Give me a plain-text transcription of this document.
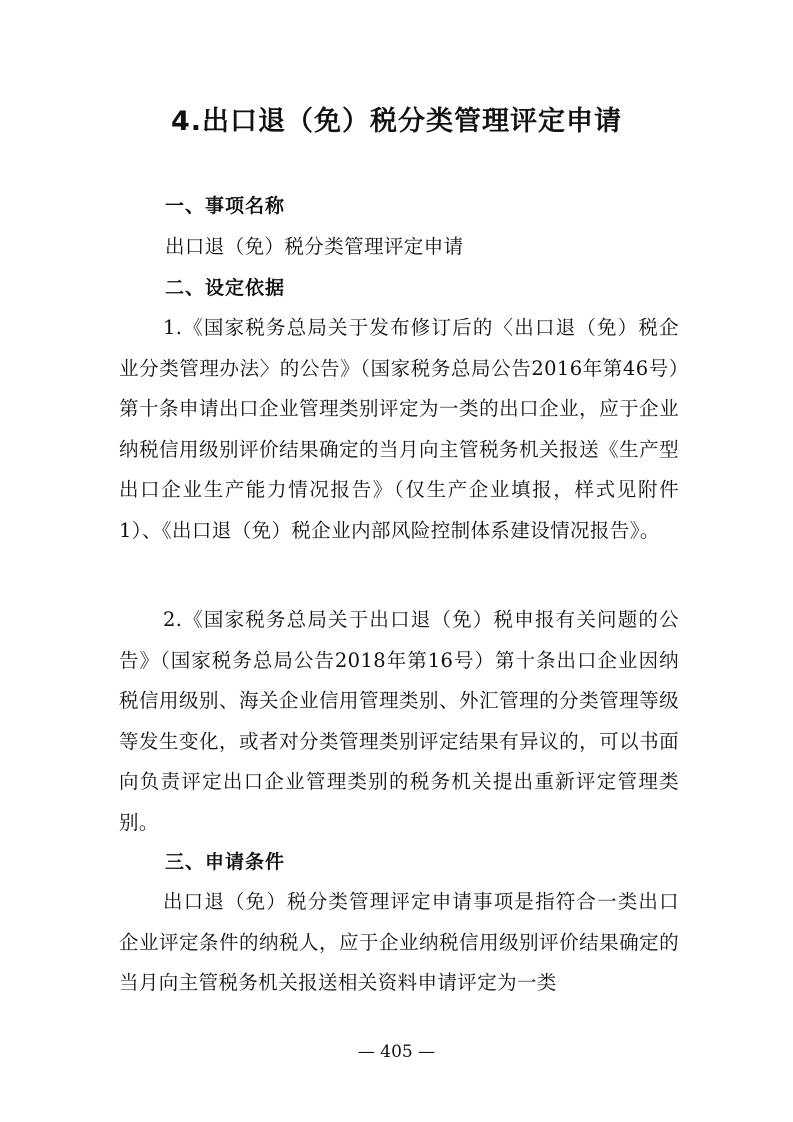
4.出口退（免）税分类管理评定申请
一、事项名称
出口退（免）税分类管理评定申请
二、设定依据

1.《国家税务总局关于发布修订后的〈出口退（免）税企业分类管理办法〉的公告》（国家税务总局公告2016年第46号）第十条申请出口企业管理类别评定为一类的出口企业，应于企业纳税信用级别评价结果确定的当月向主管税务机关报送《生产型出口企业生产能力情况报告》（仅生产企业填报，样式见附件1）、《出口退（免）税企业内部风险控制体系建设情况报告》。

2.《国家税务总局关于出口退（免）税申报有关问题的公告》（国家税务总局公告2018年第16号）第十条出口企业因纳税信用级别、海关企业信用管理类别、外汇管理的分类管理等级等发生变化，或者对分类管理类别评定结果有异议的，可以书面向负责评定出口企业管理类别的税务机关提出重新评定管理类别。

三、申请条件

出口退（免）税分类管理评定申请事项是指符合一类出口企业评定条件的纳税人，应于企业纳税信用级别评价结果确定的当月向主管税务机关报送相关资料申请评定为一类

— 405 —
